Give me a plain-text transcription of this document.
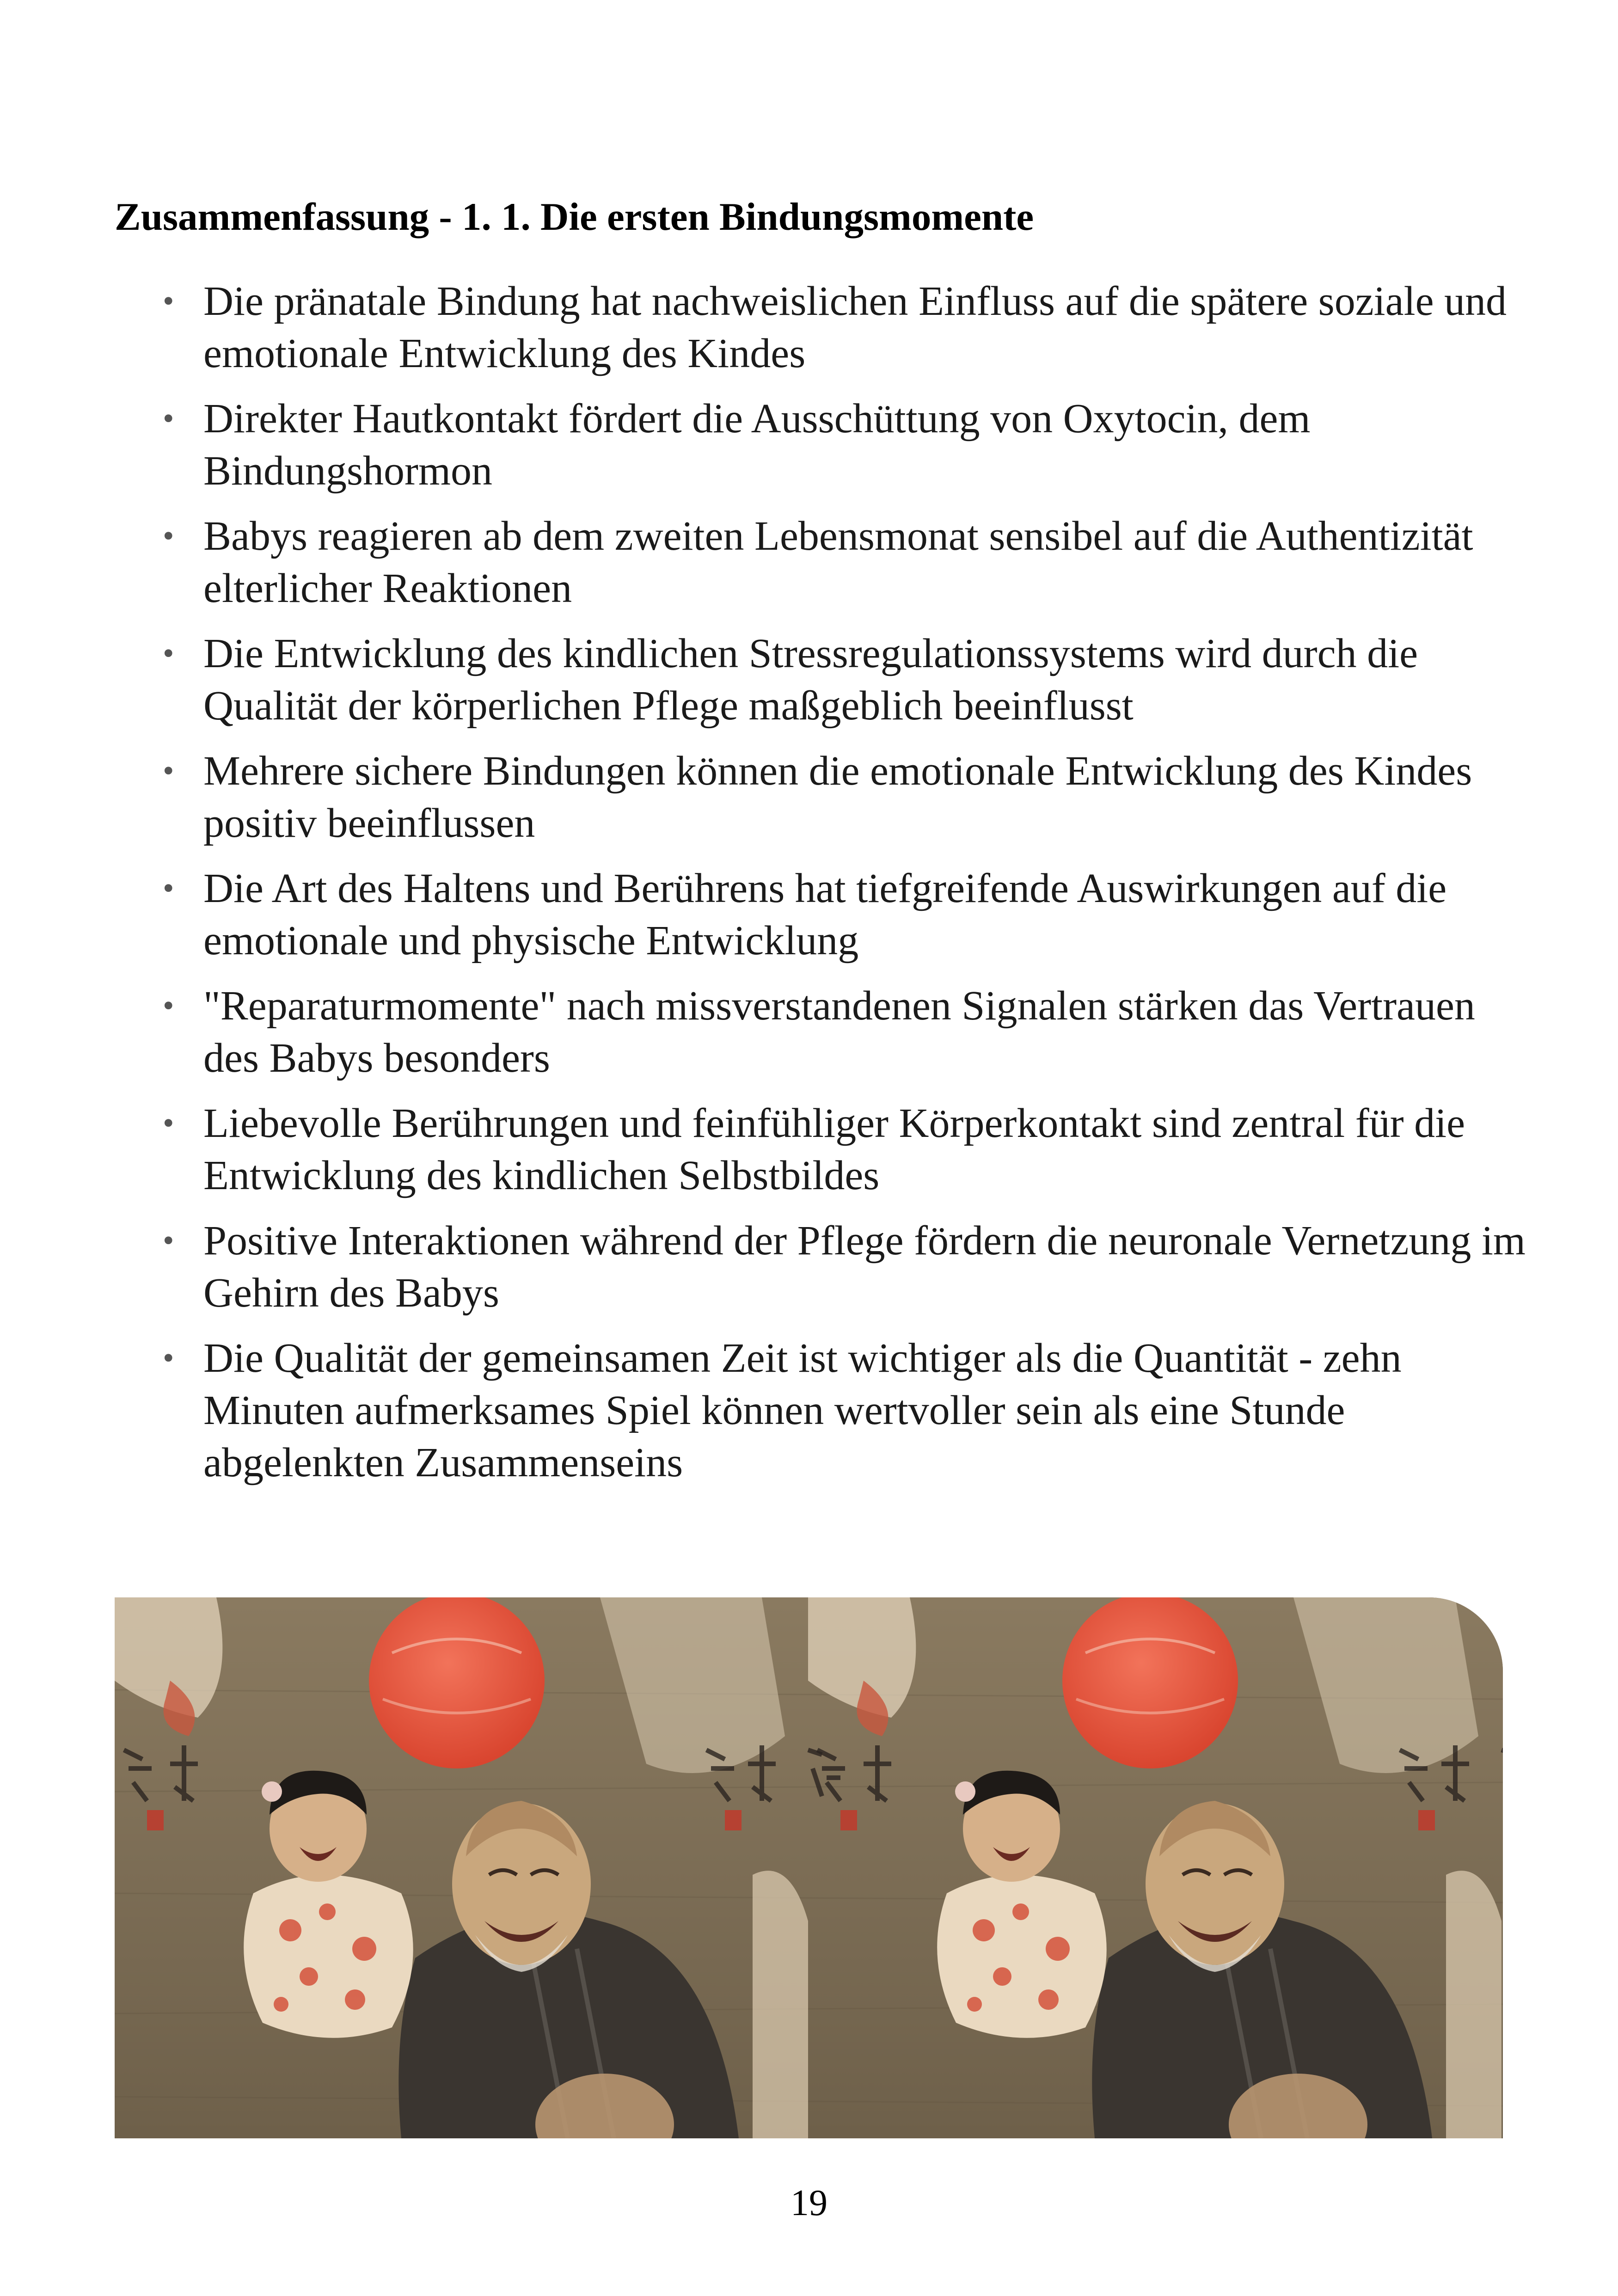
Zusammenfassung - 1. 1. Die ersten Bindungsmomente
• Die pränatale Bindung hat nachweislichen Einfluss auf die spätere soziale und emotionale Entwicklung des Kindes
• Direkter Hautkontakt fördert die Ausschüttung von Oxytocin, dem Bindungshormon
• Babys reagieren ab dem zweiten Lebensmonat sensibel auf die Authentizität elterlicher Reaktionen
• Die Entwicklung des kindlichen Stressregulationssystems wird durch die Qualität der körperlichen Pflege maßgeblich beeinflusst
• Mehrere sichere Bindungen können die emotionale Entwicklung des Kindes positiv beeinflussen
• Die Art des Haltens und Berührens hat tiefgreifende Auswirkungen auf die emotionale und physische Entwicklung
• "Reparaturmomente" nach missverstandenen Signalen stärken das Vertrauen des Babys besonders
• Liebevolle Berührungen und feinfühliger Körperkontakt sind zentral für die Entwicklung des kindlichen Selbstbildes
• Positive Interaktionen während der Pflege fördern die neuronale Vernetzung im Gehirn des Babys
• Die Qualität der gemeinsamen Zeit ist wichtiger als die Quantität - zehn Minuten aufmerksames Spiel können wertvoller sein als eine Stunde abgelenkten Zusammenseins
19
